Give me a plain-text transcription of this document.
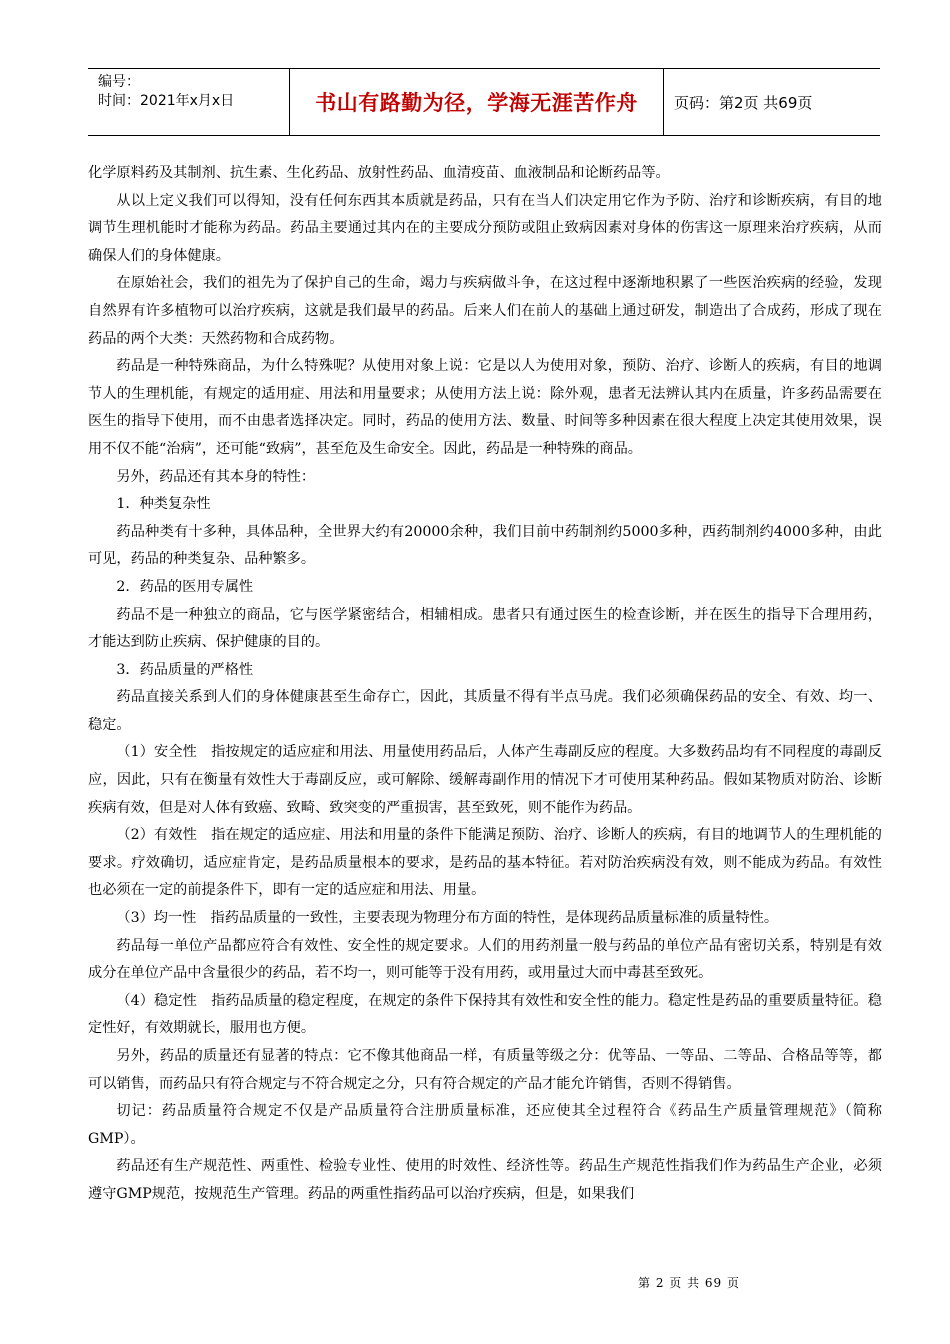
编号：
时间：2021年x月x日	书山有路勤为径，学海无涯苦作舟 页码：第2页 共69页

化学原料药及其制剂、抗生素、生化药品、放射性药品、血清疫苗、血液制品和论断药品等。

从以上定义我们可以得知，没有任何东西其本质就是药品，只有在当人们决定用它作为予防、治疗和诊断疾病，有目的地调节生理机能时才能称为药品。药品主要通过其内在的主要成分预防或阻止致病因素对身体的伤害这一原理来治疗疾病，从而确保人们的身体健康。

在原始社会，我们的祖先为了保护自己的生命，竭力与疾病做斗争，在这过程中逐渐地积累了一些医治疾病的经验，发现自然界有许多植物可以治疗疾病，这就是我们最早的药品。后来人们在前人的基础上通过研发，制造出了合成药，形成了现在药品的两个大类：天然药物和合成药物。

药品是一种特殊商品，为什么特殊呢？从使用对象上说：它是以人为使用对象，预防、治疗、诊断人的疾病，有目的地调节人的生理机能，有规定的适用症、用法和用量要求；从使用方法上说：除外观，患者无法辨认其内在质量，许多药品需要在医生的指导下使用，而不由患者选择决定。同时，药品的使用方法、数量、时间等多种因素在很大程度上决定其使用效果，误用不仅不能“治病”，还可能“致病”，甚至危及生命安全。因此，药品是一种特殊的商品。

另外，药品还有其本身的特性：

1．种类复杂性

药品种类有十多种，具体品种，全世界大约有20000余种，我们目前中药制剂约5000多种，西药制剂约4000多种，由此可见，药品的种类复杂、品种繁多。

2．药品的医用专属性

药品不是一种独立的商品，它与医学紧密结合，相辅相成。患者只有通过医生的检查诊断，并在医生的指导下合理用药，才能达到防止疾病、保护健康的目的。

3．药品质量的严格性

药品直接关系到人们的身体健康甚至生命存亡，因此，其质量不得有半点马虎。我们必须确保药品的安全、有效、均一、稳定。

（1）安全性　指按规定的适应症和用法、用量使用药品后，人体产生毒副反应的程度。大多数药品均有不同程度的毒副反应，因此，只有在衡量有效性大于毒副反应，或可解除、缓解毒副作用的情况下才可使用某种药品。假如某物质对防治、诊断疾病有效，但是对人体有致癌、致畸、致突变的严重损害，甚至致死，则不能作为药品。

（2）有效性　指在规定的适应症、用法和用量的条件下能满足预防、治疗、诊断人的疾病，有目的地调节人的生理机能的要求。疗效确切，适应症肯定，是药品质量根本的要求，是药品的基本特征。若对防治疾病没有效，则不能成为药品。有效性也必须在一定的前提条件下，即有一定的适应症和用法、用量。

（3）均一性　指药品质量的一致性，主要表现为物理分布方面的特性，是体现药品质量标准的质量特性。

药品每一单位产品都应符合有效性、安全性的规定要求。人们的用药剂量一般与药品的单位产品有密切关系，特别是有效成分在单位产品中含量很少的药品，若不均一，则可能等于没有用药，或用量过大而中毒甚至致死。

（4）稳定性　指药品质量的稳定程度，在规定的条件下保持其有效性和安全性的能力。稳定性是药品的重要质量特征。稳定性好，有效期就长，服用也方便。

另外，药品的质量还有显著的特点：它不像其他商品一样，有质量等级之分：优等品、一等品、二等品、合格品等等，都可以销售，而药品只有符合规定与不符合规定之分，只有符合规定的产品才能允许销售，否则不得销售。

切记：药品质量符合规定不仅是产品质量符合注册质量标准，还应使其全过程符合《药品生产质量管理规范》（简称GMP）。

药品还有生产规范性、两重性、检验专业性、使用的时效性、经济性等。药品生产规范性指我们作为药品生产企业，必须遵守GMP规范，按规范生产管理。药品的两重性指药品可以治疗疾病，但是，如果我们

第 2 页 共 69 页
